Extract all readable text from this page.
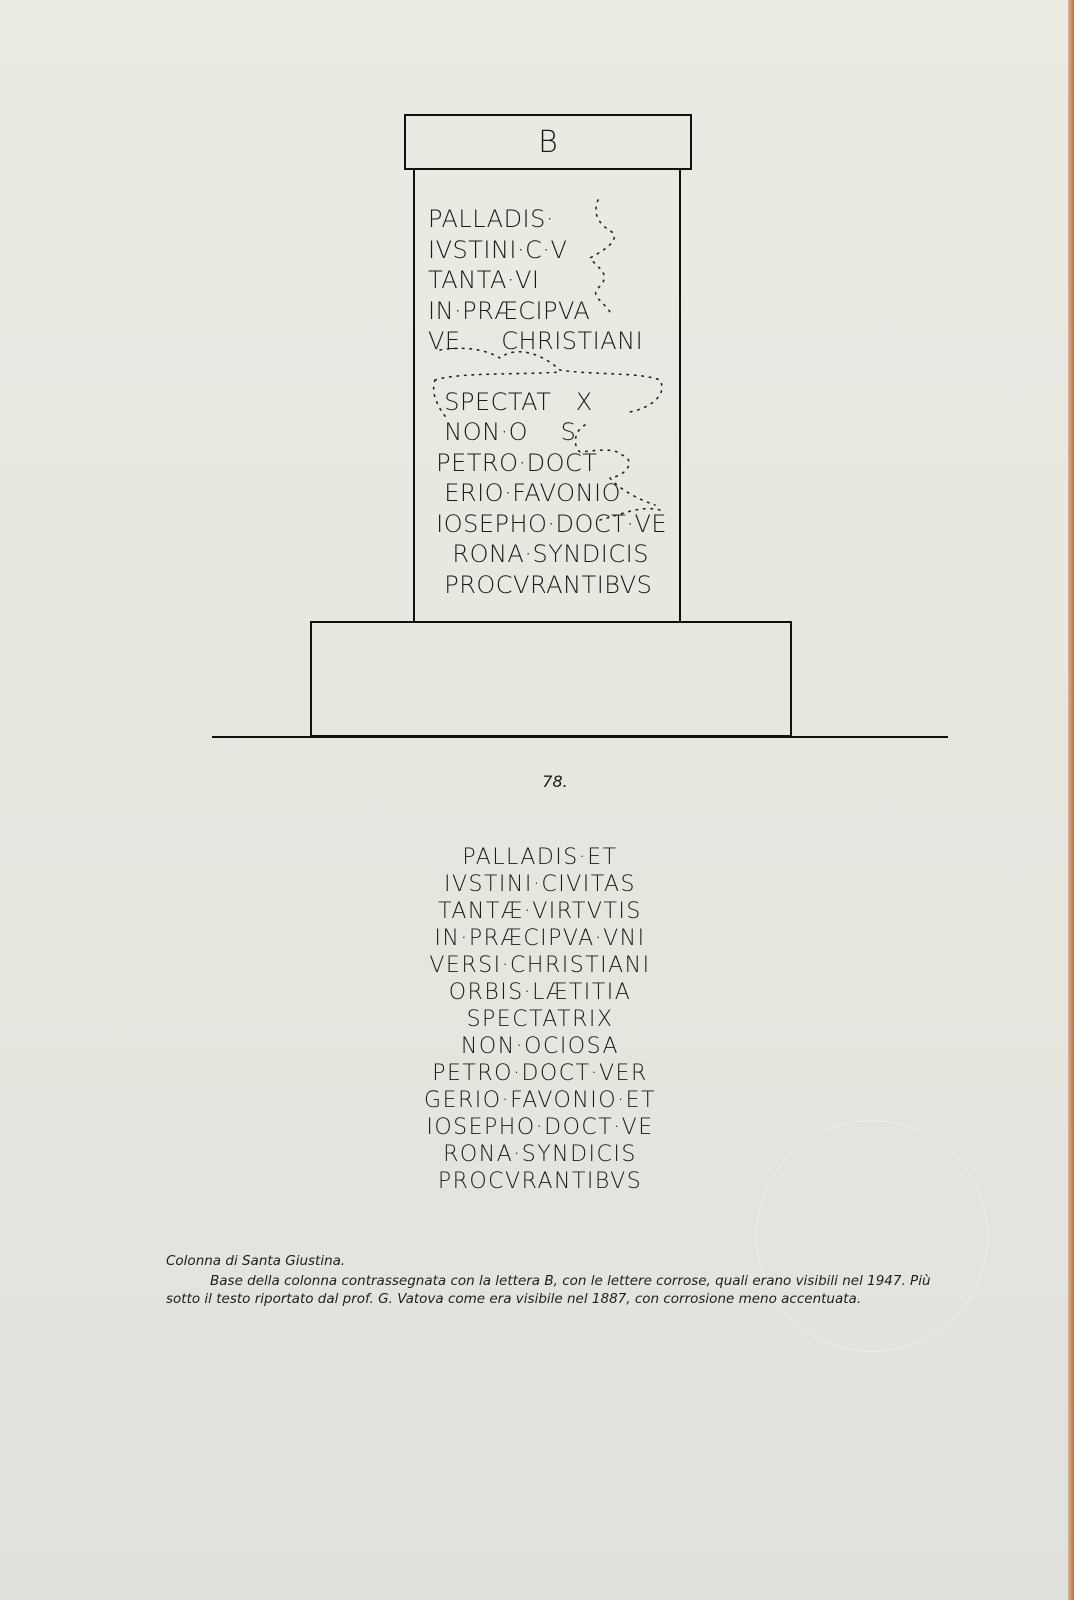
B
PALLADIS·
IVSTINI·C·V
TANTA·VI
IN·PRÆCIPVA
VE     CHRISTIANI
SPECTAT   X
NON·O    S
PETRO·DOCT
ERIO·FAVONIO
IOSEPHO·DOCT·VE
RONA·SYNDICIS
PROCVRANTIBVS
78.
PALLADIS·ET
IVSTINI·CIVITAS
TANTÆ·VIRTVTIS
IN·PRÆCIPVA·VNI
VERSI·CHRISTIANI
ORBIS·LÆTITIA
SPECTATRIX
NON·OCIOSA
PETRO·DOCT·VER
GERIO·FAVONIO·ET
IOSEPHO·DOCT·VE
RONA·SYNDICIS
PROCVRANTIBVS
Colonna di Santa Giustina.
Base della colonna contrassegnata con la lettera B, con le lettere corrose, quali erano visibili nel 1947. Più sotto il testo riportato dal prof. G. Vatova come era visibile nel 1887, con corrosione meno accentuata.
